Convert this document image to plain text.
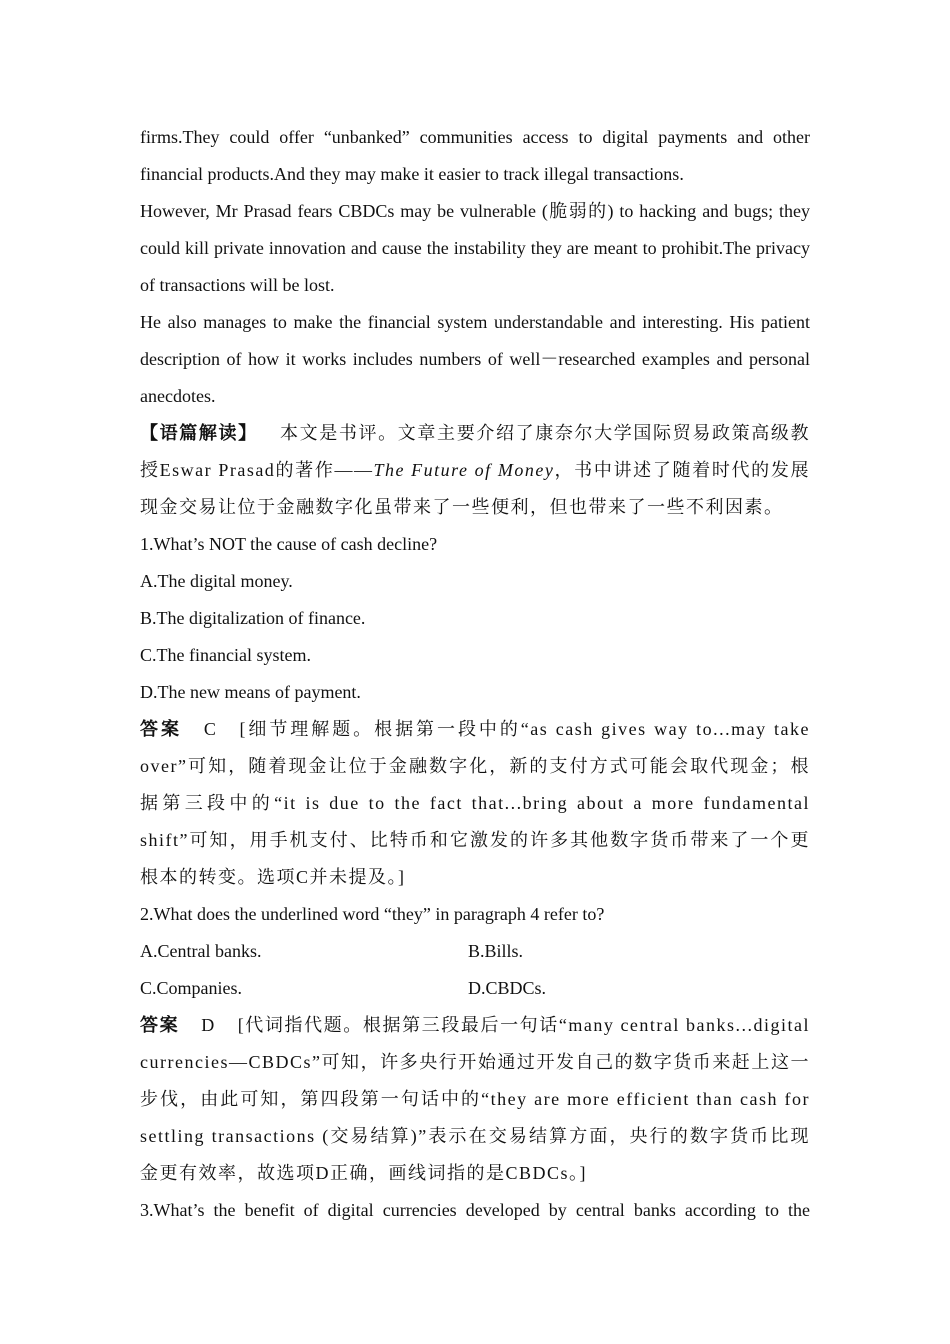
firms.They could offer “unbanked” communities access to digital payments and other

financial products.And they may make it easier to track illegal transactions.

However, Mr Prasad fears CBDCs may be vulnerable (脆弱的) to hacking and bugs; they could kill private innovation and cause the instability they are meant to prohibit.The privacy of transactions will be lost.

He also manages to make the financial system understandable and interesting. His patient description of how it works includes numbers of well－researched examples and personal anecdotes.

【语篇解读】 本文是书评。文章主要介绍了康奈尔大学国际贸易政策高级教授Eswar Prasad的著作——The Future of Money，书中讲述了随着时代的发展现金交易让位于金融数字化虽带来了一些便利，但也带来了一些不利因素。

1.What’s NOT the cause of cash decline?

A.The digital money.

B.The digitalization of finance.

C.The financial system.

D.The new means of payment.

答案 C [细节理解题。根据第一段中的“as cash gives way to...may take over”可知，随着现金让位于金融数字化，新的支付方式可能会取代现金；根据第三段中的“it is due to the fact that...bring about a more fundamental shift”可知，用手机支付、比特币和它激发的许多其他数字货币带来了一个更根本的转变。选项C并未提及。]

2.What does the underlined word “they” in paragraph 4 refer to?

A.Central banks.	B.Bills.
C.Companies.	D.CBDCs.

答案 D [代词指代题。根据第三段最后一句话“many central banks...digital currencies—CBDCs”可知，许多央行开始通过开发自己的数字货币来赶上这一步伐，由此可知，第四段第一句话中的“they are more efficient than cash for settling transactions (交易结算)”表示在交易结算方面，央行的数字货币比现金更有效率，故选项D正确，画线词指的是CBDCs。]

3.What’s the benefit of digital currencies developed by central banks according to the
